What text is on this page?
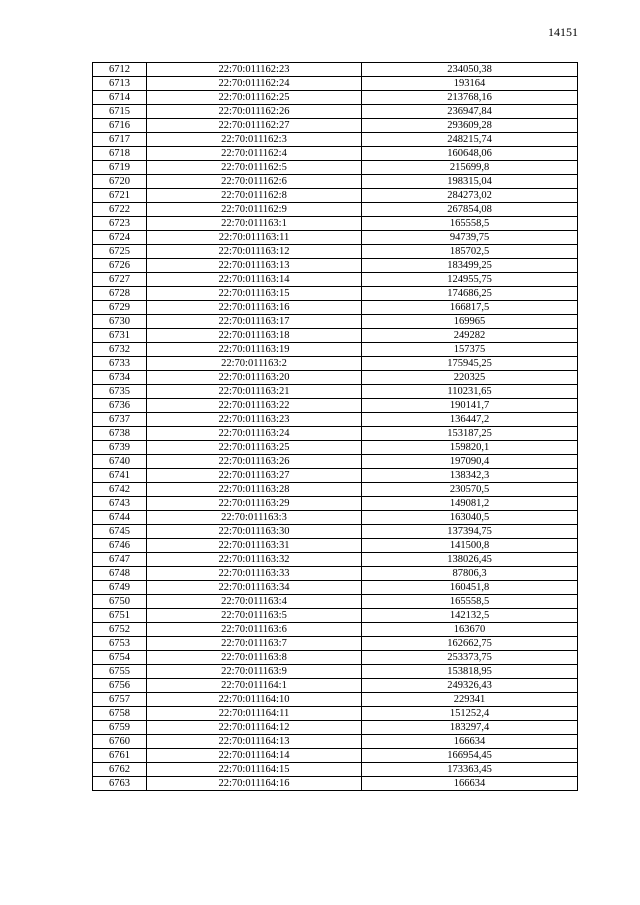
14151
6712	22:70:011162:23	234050,38
6713	22:70:011162:24	193164
6714	22:70:011162:25	213768,16
6715	22:70:011162:26	236947,84
6716	22:70:011162:27	293609,28
6717	22:70:011162:3	248215,74
6718	22:70:011162:4	160648,06
6719	22:70:011162:5	215699,8
6720	22:70:011162:6	198315,04
6721	22:70:011162:8	284273,02
6722	22:70:011162:9	267854,08
6723	22:70:011163:1	165558,5
6724	22:70:011163:11	94739,75
6725	22:70:011163:12	185702,5
6726	22:70:011163:13	183499,25
6727	22:70:011163:14	124955,75
6728	22:70:011163:15	174686,25
6729	22:70:011163:16	166817,5
6730	22:70:011163:17	169965
6731	22:70:011163:18	249282
6732	22:70:011163:19	157375
6733	22:70:011163:2	175945,25
6734	22:70:011163:20	220325
6735	22:70:011163:21	110231,65
6736	22:70:011163:22	190141,7
6737	22:70:011163:23	136447,2
6738	22:70:011163:24	153187,25
6739	22:70:011163:25	159820,1
6740	22:70:011163:26	197090,4
6741	22:70:011163:27	138342,3
6742	22:70:011163:28	230570,5
6743	22:70:011163:29	149081,2
6744	22:70:011163:3	163040,5
6745	22:70:011163:30	137394,75
6746	22:70:011163:31	141500,8
6747	22:70:011163:32	138026,45
6748	22:70:011163:33	87806,3
6749	22:70:011163:34	160451,8
6750	22:70:011163:4	165558,5
6751	22:70:011163:5	142132,5
6752	22:70:011163:6	163670
6753	22:70:011163:7	162662,75
6754	22:70:011163:8	253373,75
6755	22:70:011163:9	153818,95
6756	22:70:011164:1	249326,43
6757	22:70:011164:10	229341
6758	22:70:011164:11	151252,4
6759	22:70:011164:12	183297,4
6760	22:70:011164:13	166634
6761	22:70:011164:14	166954,45
6762	22:70:011164:15	173363,45
6763	22:70:011164:16	166634
